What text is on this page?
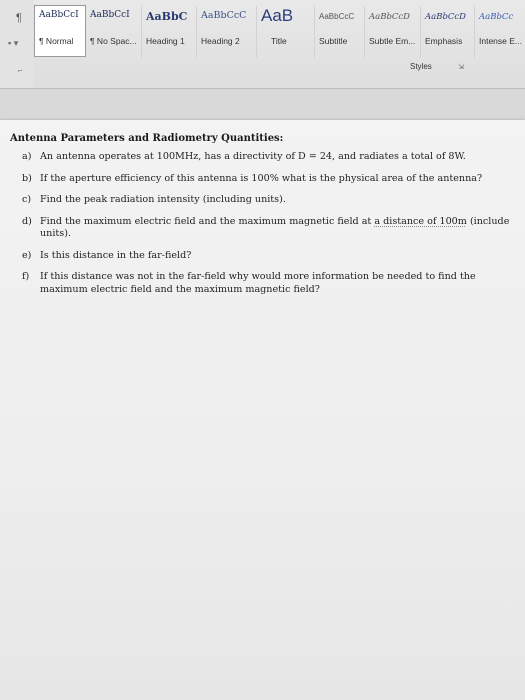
¶
▪ ▾
AaBbCcI
¶ Normal
AaBbCcI
¶ No Spac...
AaBbC
Heading 1
AaBbCcC
Heading 2
AaB
Title
AaBbCcC
Subtitle
AaBbCcD
Subtle Em...
AaBbCcD
Emphasis
AaBbCc
Intense E...
⌐	Styles	⇲

Antenna Parameters and Radiometry Quantities:

a) An antenna operates at 100MHz, has a directivity of D = 24, and radiates a total of 8W.
b) If the aperture efficiency of this antenna is 100% what is the physical area of the antenna?
c) Find the peak radiation intensity (including units).
d) Find the maximum electric field and the maximum magnetic field at a distance of 100m (include units).
e) Is this distance in the far-field?
f) If this distance was not in the far-field why would more information be needed to find the maximum electric field and the maximum magnetic field?
